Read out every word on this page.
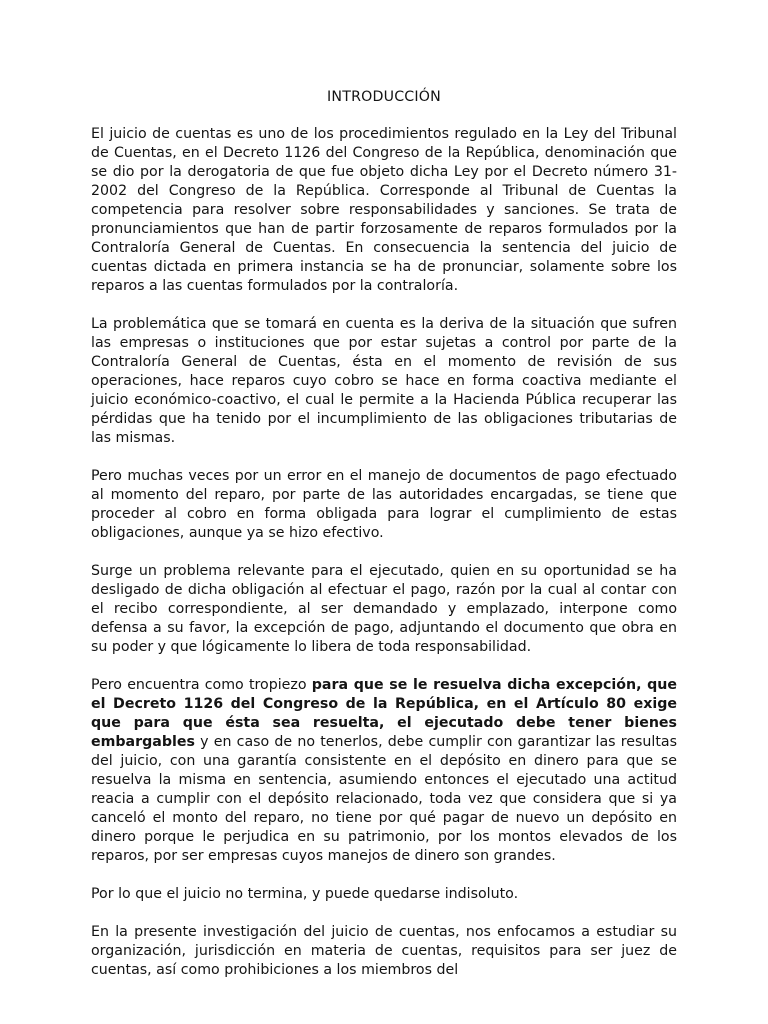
INTRODUCCIÓN

El juicio de cuentas es uno de los procedimientos regulado en la Ley del Tribunal de Cuentas, en el Decreto 1126 del Congreso de la República, denominación que se dio por la derogatoria de que fue objeto dicha Ley por el Decreto número 31-2002 del Congreso de la República. Corresponde al Tribunal de Cuentas la competencia para resolver sobre responsabilidades y sanciones. Se trata de pronunciamientos que han de partir forzosamente de reparos formulados por la Contraloría General de Cuentas. En consecuencia la sentencia del juicio de cuentas dictada en primera instancia se ha de pronunciar, solamente sobre los reparos a las cuentas formulados por la contraloría.

La problemática que se tomará en cuenta es la deriva de la situación que sufren las empresas o instituciones que por estar sujetas a control por parte de la Contraloría General de Cuentas, ésta en el momento de revisión de sus operaciones, hace reparos cuyo cobro se hace en forma coactiva mediante el juicio económico-coactivo, el cual le permite a la Hacienda Pública recuperar las pérdidas que ha tenido por el incumplimiento de las obligaciones tributarias de las mismas.

Pero muchas veces por un error en el manejo de documentos de pago efectuado al momento del reparo, por parte de las autoridades encargadas, se tiene que proceder al cobro en forma obligada para lograr el cumplimiento de estas obligaciones, aunque ya se hizo efectivo.

Surge un problema relevante para el ejecutado, quien en su oportunidad se ha desligado de dicha obligación al efectuar el pago, razón por la cual al contar con el recibo correspondiente, al ser demandado y emplazado, interpone como defensa a su favor, la excepción de pago, adjuntando el documento que obra en su poder y que lógicamente lo libera de toda responsabilidad.

Pero encuentra como tropiezo para que se le resuelva dicha excepción, que el Decreto 1126 del Congreso de la República, en el Artículo 80 exige que para que ésta sea resuelta, el ejecutado debe tener bienes embargables y en caso de no tenerlos, debe cumplir con garantizar las resultas del juicio, con una garantía consistente en el depósito en dinero para que se resuelva la misma en sentencia, asumiendo entonces el ejecutado una actitud reacia a cumplir con el depósito relacionado, toda vez que considera que si ya canceló el monto del reparo, no tiene por qué pagar de nuevo un depósito en dinero porque le perjudica en su patrimonio, por los montos elevados de los reparos, por ser empresas cuyos manejos de dinero son grandes.

Por lo que el juicio no termina, y puede quedarse indisoluto.

En la presente investigación del juicio de cuentas, nos enfocamos a estudiar su organización, jurisdicción en materia de cuentas, requisitos para ser juez de cuentas, así como prohibiciones a los miembros del
